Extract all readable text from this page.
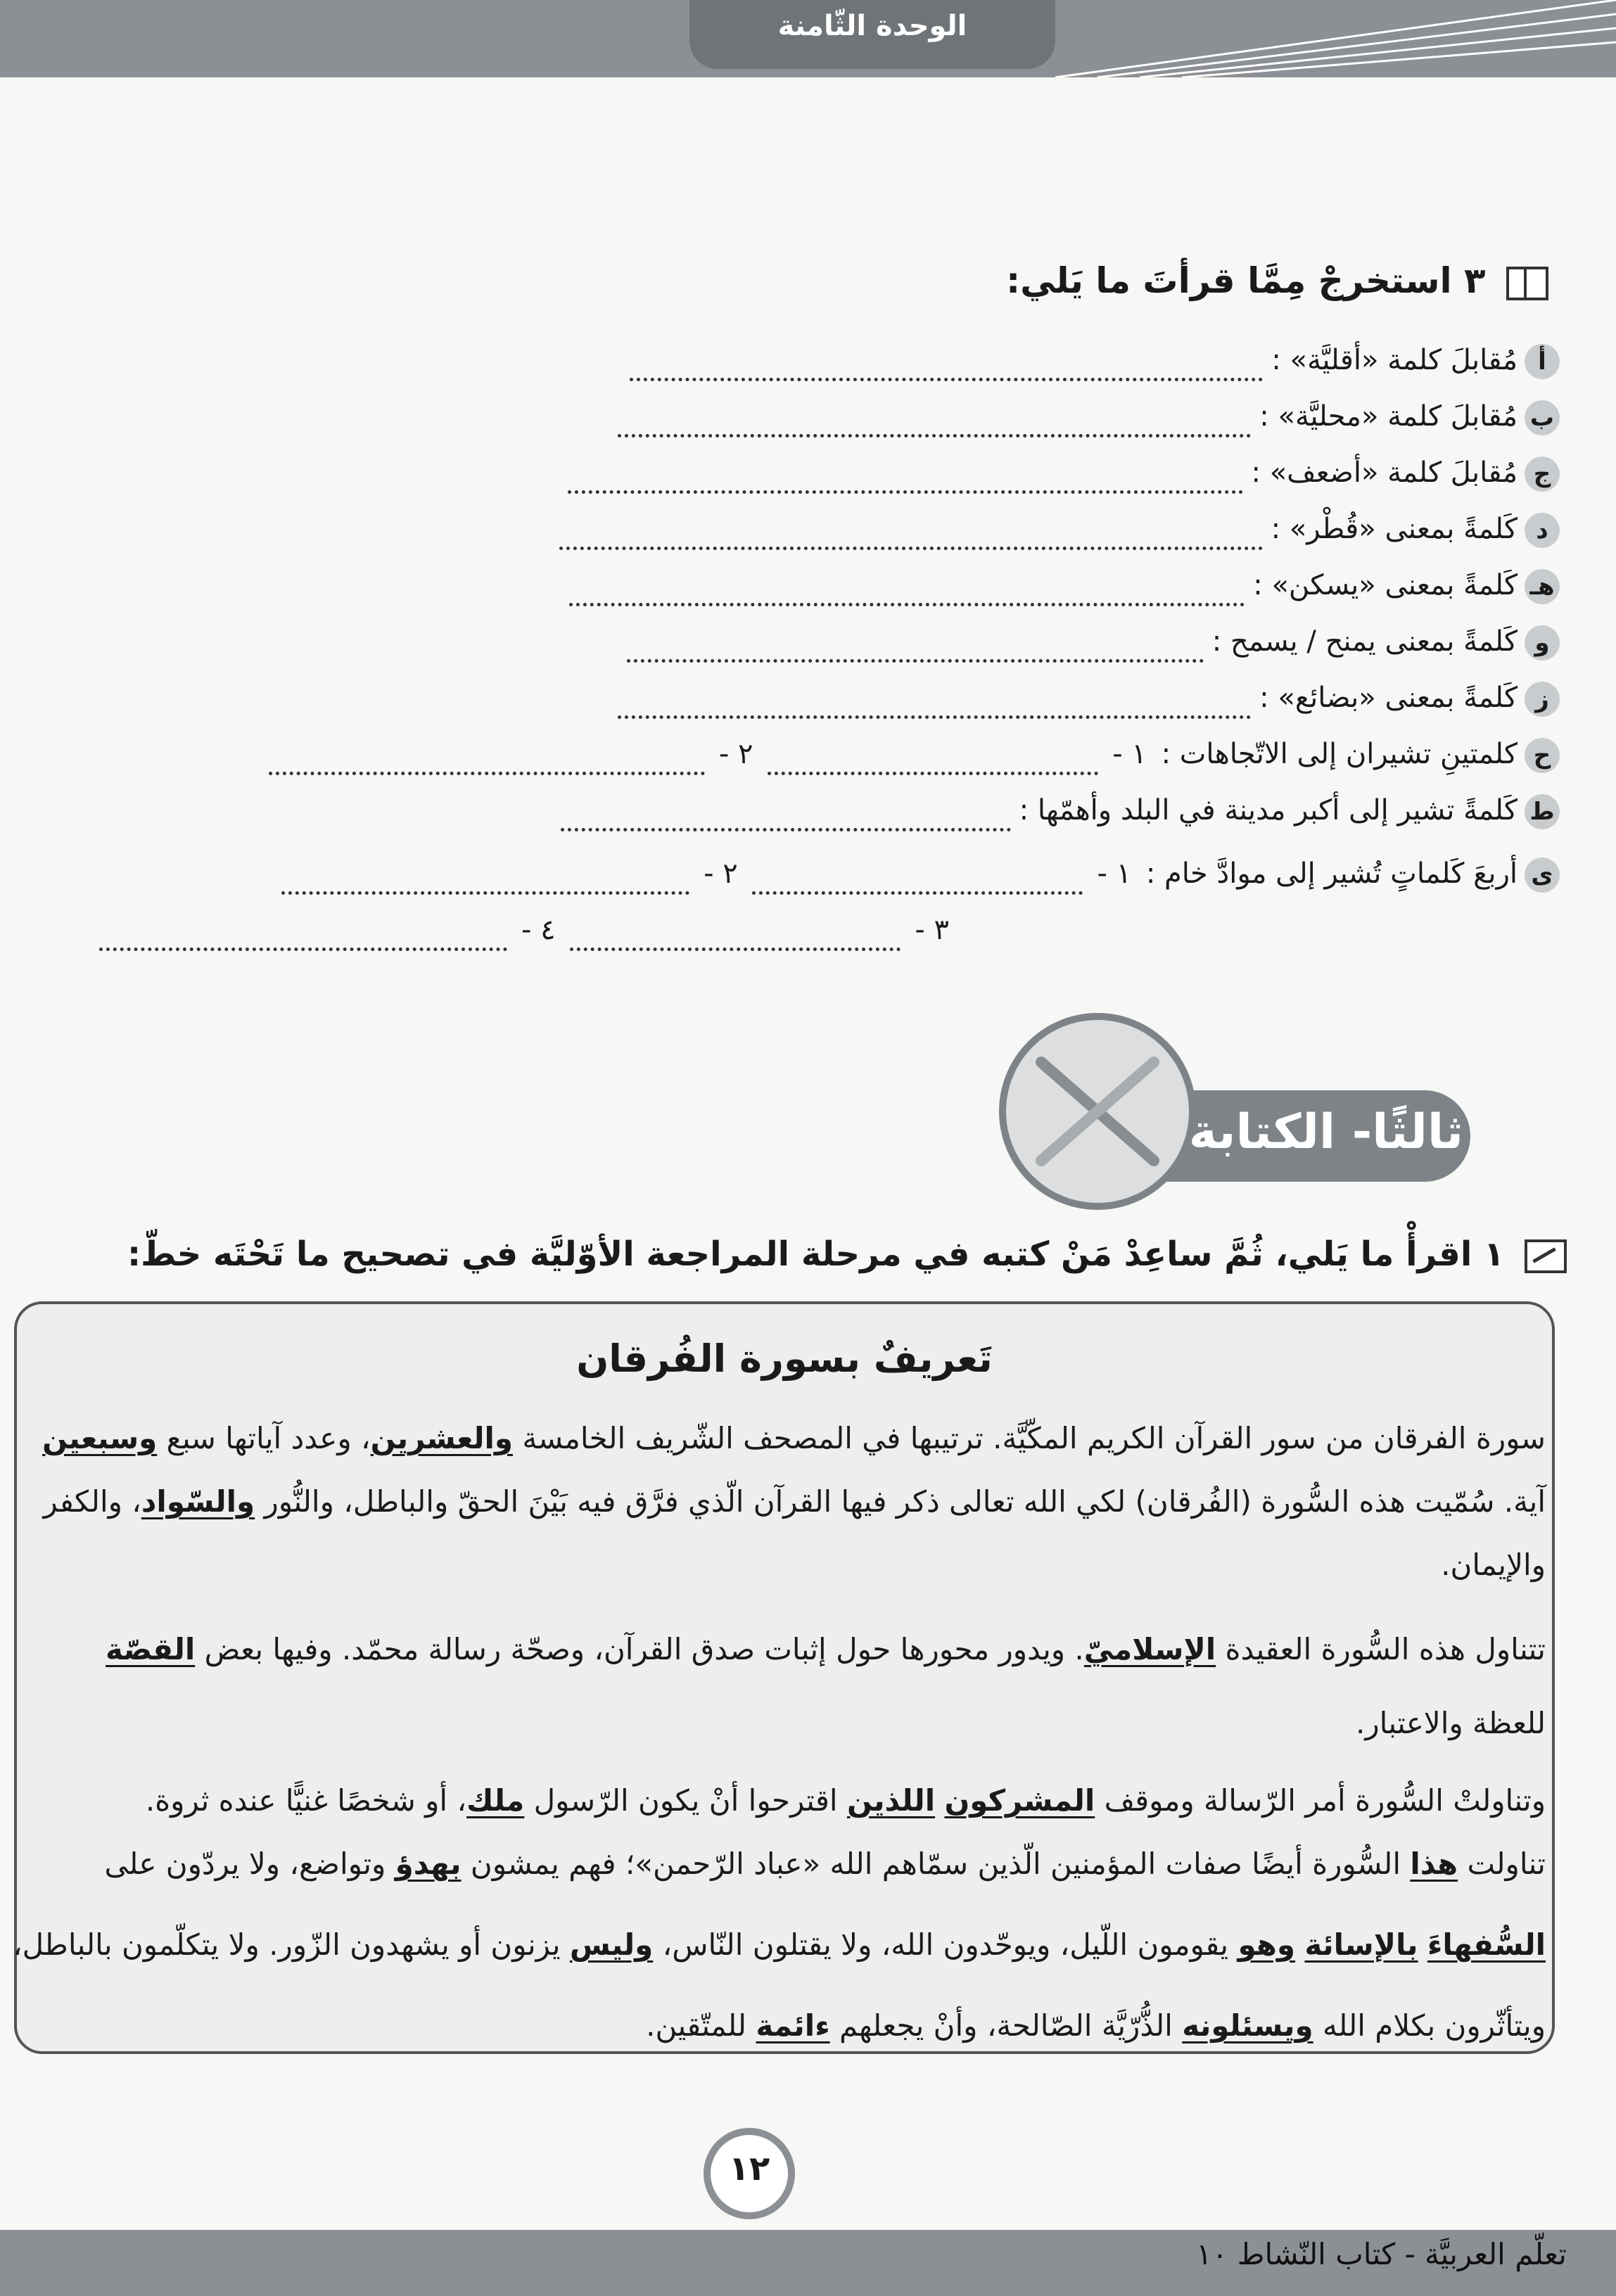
الوحدة الثّامنة
٣ استخرجْ مِمَّا قرأتَ ما يَلي:
أمُقابلَ كلمة «أقليَّة» :
بمُقابلَ كلمة «محليَّة» :
جمُقابلَ كلمة «أضعف» :
دكَلمةً بمعنى «قُطْر» :
هـكَلمةً بمعنى «يسكن» :
وكَلمةً بمعنى يمنح / يسمح :
زكَلمةً بمعنى «بضائع» :
حكلمتينِ تشيران إلى الاتّجاهات : ١ - ٢ -
طكَلمةً تشير إلى أكبر مدينة في البلد وأهمّها :
ىأربعَ كَلماتٍ تُشير إلى موادَّ خام : ١ - ٢ -
٣ - ٤ -
ثالثًا- الكتابة
١ اقرأْ ما يَلي، ثُمَّ ساعِدْ مَنْ كتبه في مرحلة المراجعة الأوّليَّة في تصحيح ما تَحْتَه خطّ:
تَعريفٌ بسورة الفُرقان
سورة الفرقان من سور القرآن الكريم المكّيَّة. ترتيبها في المصحف الشّريف الخامسة والعشرين، وعدد آياتها سبع وسبعين
آية. سُمّيت هذه السُّورة (الفُرقان) لكي الله تعالى ذكر فيها القرآن الّذي فرَّق فيه بَيْنَ الحقّ والباطل، والنُّور والسّواد، والكفر
والإيمان.
تتناول هذه السُّورة العقيدة الإسلاميّ. ويدور محورها حول إثبات صدق القرآن، وصحّة رسالة محمّد. وفيها بعض القصّة
للعظة والاعتبار.
وتناولتْ السُّورة أمر الرّسالة وموقف المشركون اللذين اقترحوا أنْ يكون الرّسول ملك، أو شخصًا غنيًّا عنده ثروة.
تناولت هذا السُّورة أيضًا صفات المؤمنين الّذين سمّاهم الله «عباد الرّحمن»؛ فهم يمشون بهدؤ وتواضع، ولا يردّون على
السُّفهاءَ بالإسائة وهو يقومون اللّيل، ويوحّدون الله، ولا يقتلون النّاس، وليس يزنون أو يشهدون الزّور. ولا يتكلّمون بالباطل،
ويتأثّرون بكلام الله ويسئلونه الذُّرّيَّة الصّالحة، وأنْ يجعلهم ءائمة للمتّقين.
١٢
تعلّم العربيَّة - كتاب النّشاط ١٠
